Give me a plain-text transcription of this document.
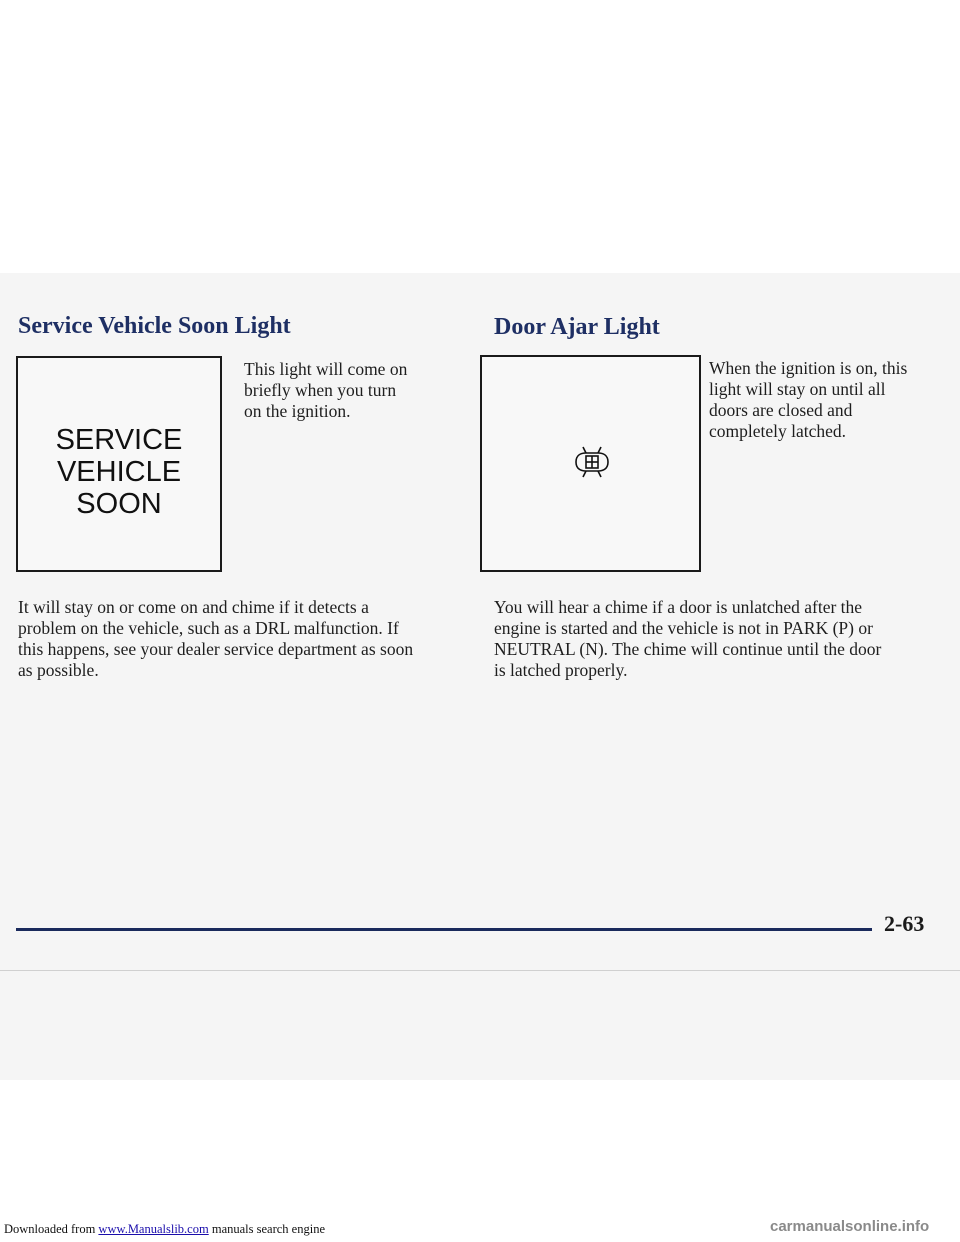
Service Vehicle Soon Light
SERVICE
VEHICLE
SOON
This light will come on
briefly when you turn
on the ignition.
It will stay on or come on and chime if it detects a
problem on the vehicle, such as a DRL malfunction. If
this happens, see your dealer service department as soon
as possible.
Door Ajar Light
When the ignition is on, this
light will stay on until all
doors are closed and
completely latched.
You will hear a chime if a door is unlatched after the
engine is started and the vehicle is not in PARK (P) or
NEUTRAL (N). The chime will continue until the door
is latched properly.
2-63
Downloaded from www.Manualslib.com manuals search engine	carmanualsonline.info
